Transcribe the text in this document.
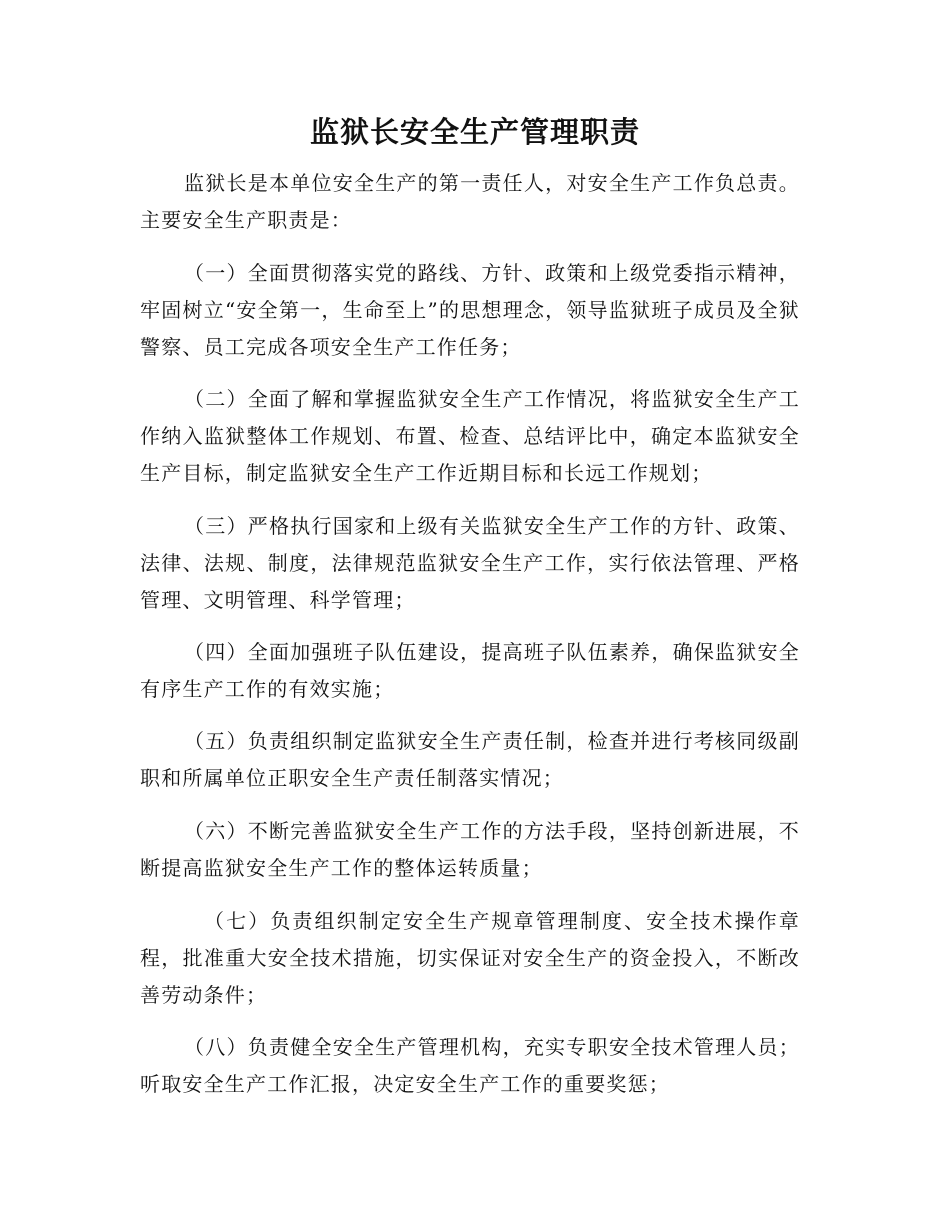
监狱长安全生产管理职责

监狱长是本单位安全生产的第一责任人，对安全生产工作负总责。主要安全生产职责是：

（一）全面贯彻落实党的路线、方针、政策和上级党委指示精神，牢固树立“安全第一，生命至上”的思想理念，领导监狱班子成员及全狱警察、员工完成各项安全生产工作任务；

（二）全面了解和掌握监狱安全生产工作情况，将监狱安全生产工作纳入监狱整体工作规划、布置、检查、总结评比中，确定本监狱安全生产目标，制定监狱安全生产工作近期目标和长远工作规划；

（三）严格执行国家和上级有关监狱安全生产工作的方针、政策、法律、法规、制度，法律规范监狱安全生产工作，实行依法管理、严格管理、文明管理、科学管理；

（四）全面加强班子队伍建设，提高班子队伍素养，确保监狱安全有序生产工作的有效实施；

（五）负责组织制定监狱安全生产责任制，检查并进行考核同级副职和所属单位正职安全生产责任制落实情况；

（六）不断完善监狱安全生产工作的方法手段，坚持创新进展，不断提高监狱安全生产工作的整体运转质量；

（七）负责组织制定安全生产规章管理制度、安全技术操作章程，批准重大安全技术措施，切实保证对安全生产的资金投入，不断改善劳动条件；

（八）负责健全安全生产管理机构，充实专职安全技术管理人员；听取安全生产工作汇报，决定安全生产工作的重要奖惩；
